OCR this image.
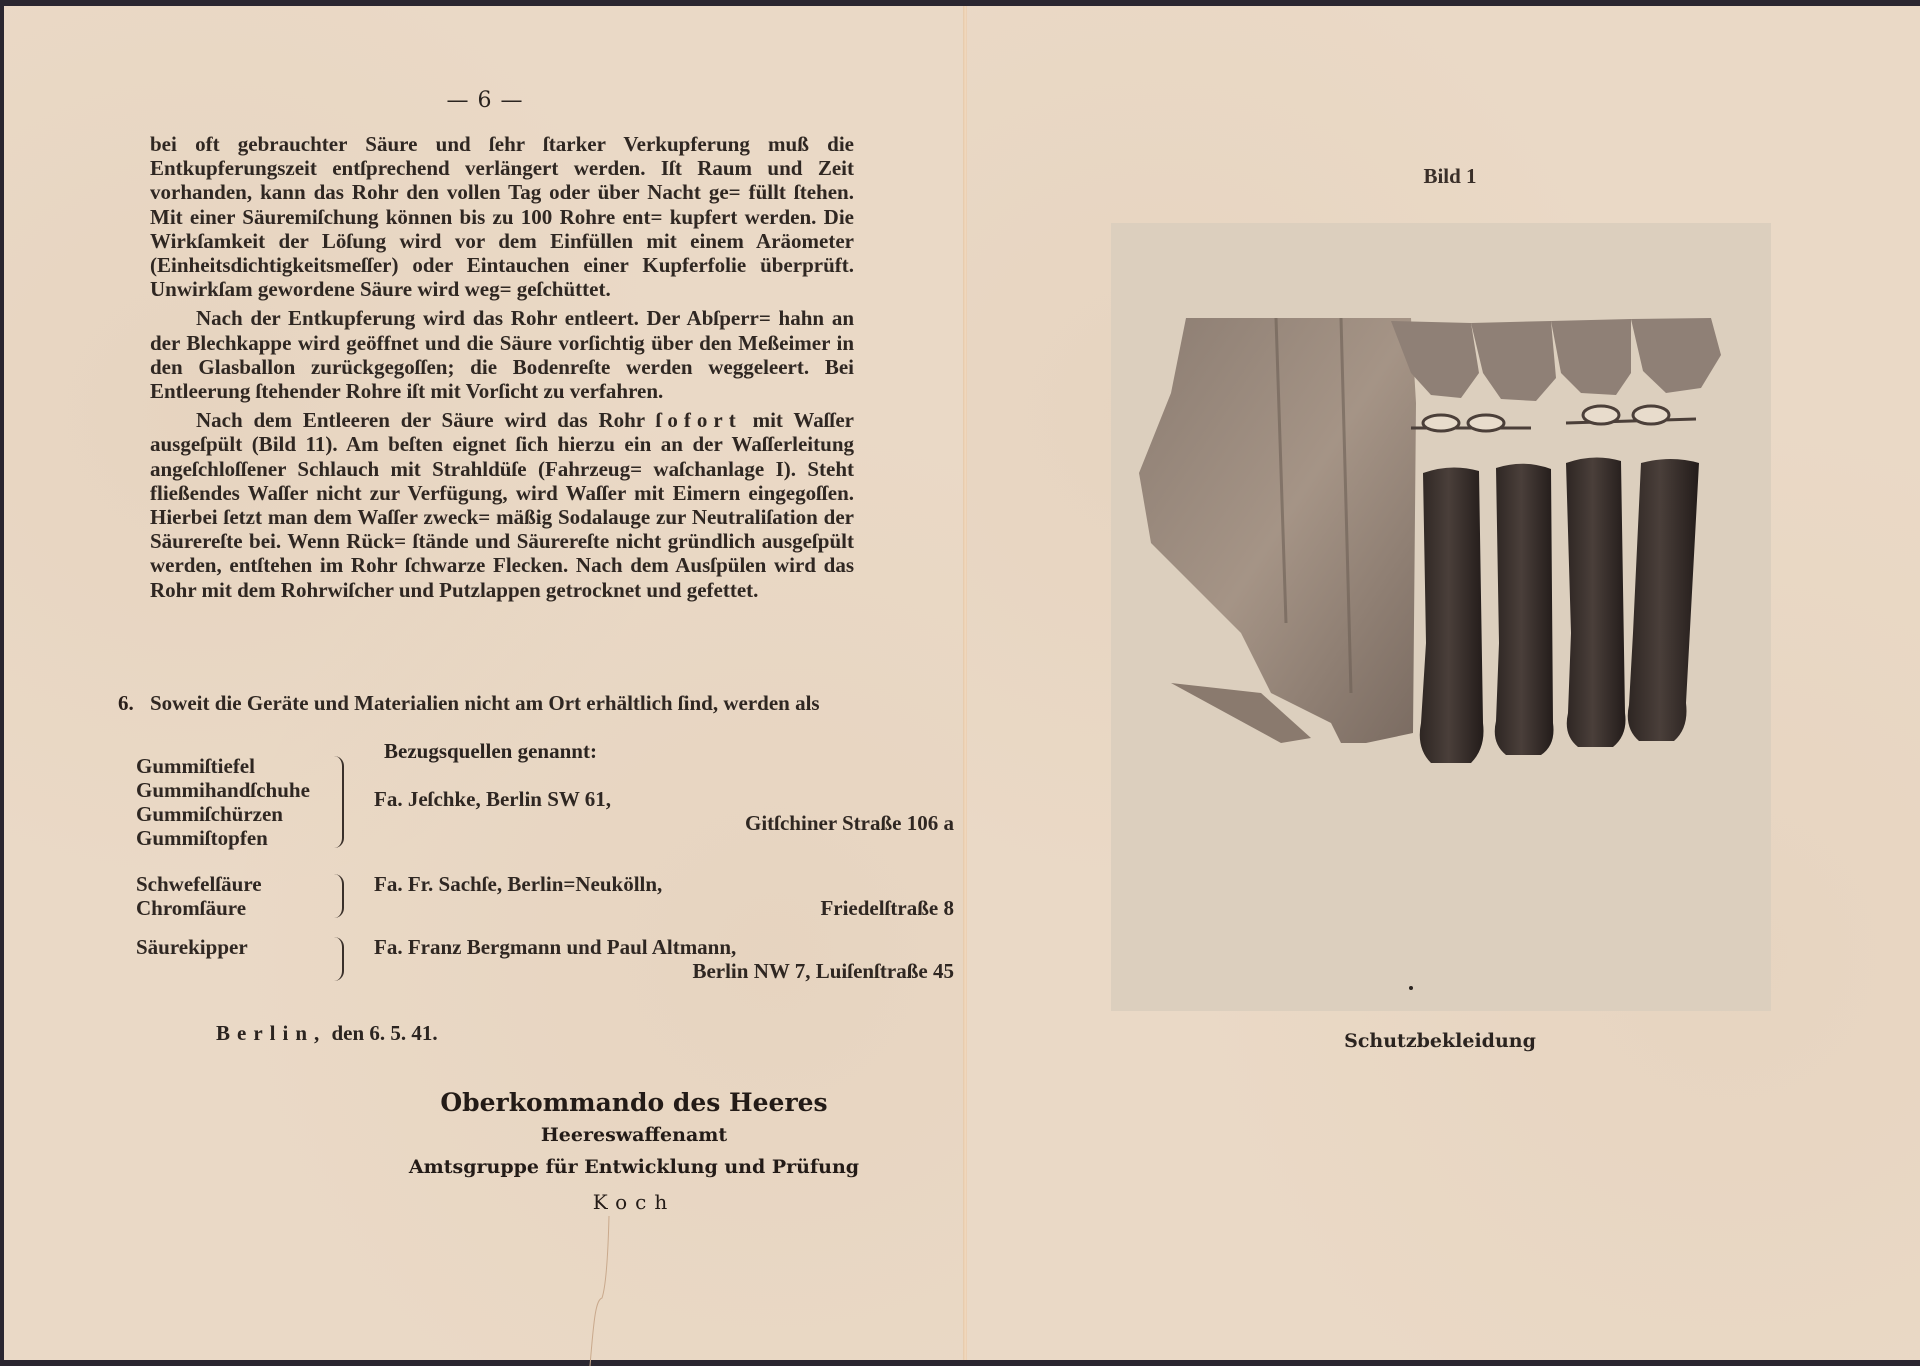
— 6 —

bei oft gebrauchter Säure und ſehr ſtarker Verkupferung muß die Entkupferungszeit entſprechend verlängert werden. Iſt Raum und Zeit vorhanden, kann das Rohr den vollen Tag oder über Nacht ge= füllt ſtehen. Mit einer Säuremiſchung können bis zu 100 Rohre ent= kupfert werden. Die Wirkſamkeit der Löſung wird vor dem Einfüllen mit einem Aräometer (Einheitsdichtigkeitsmeſſer) oder Eintauchen einer Kupferfolie überprüft. Unwirkſam gewordene Säure wird weg= geſchüttet.

Nach der Entkupferung wird das Rohr entleert. Der Abſperr= hahn an der Blechkappe wird geöffnet und die Säure vorſichtig über den Meßeimer in den Glasballon zurückgegoſſen; die Bodenreſte werden weggeleert. Bei Entleerung ſtehender Rohre iſt mit Vorſicht zu verfahren.

Nach dem Entleeren der Säure wird das Rohr ſofort mit Waſſer ausgeſpült (Bild 11). Am beſten eignet ſich hierzu ein an der Waſſerleitung angeſchloſſener Schlauch mit Strahldüſe (Fahrzeug= waſchanlage I). Steht fließendes Waſſer nicht zur Verfügung, wird Waſſer mit Eimern eingegoſſen. Hierbei ſetzt man dem Waſſer zweck= mäßig Sodalauge zur Neutraliſation der Säurereſte bei. Wenn Rück= ſtände und Säurereſte nicht gründlich ausgeſpült werden, entſtehen im Rohr ſchwarze Flecken. Nach dem Ausſpülen wird das Rohr mit dem Rohrwiſcher und Putzlappen getrocknet und gefettet.

6. Soweit die Geräte und Materialien nicht am Ort erhältlich ſind, werden als
Bezugsquellen genannt:
Gummiſtiefel
Gummihandſchuhe
Gummiſchürzen
Gummiſtopfen
Fa. Jeſchke, Berlin SW 61,
Gitſchiner Straße 106 a
Schwefelſäure
Chromſäure
Fa. Fr. Sachſe, Berlin=Neukölln,
Friedelſtraße 8
Säurekipper	Fa. Franz Bergmann und Paul Altmann,
Berlin NW 7, Luiſenſtraße 45
Berlin, den 6. 5. 41.
Oberkommando des Heeres
Heereswaffenamt
Amtsgruppe für Entwicklung und Prüfung
Koch
Bild 1
Schutzbekleidung
